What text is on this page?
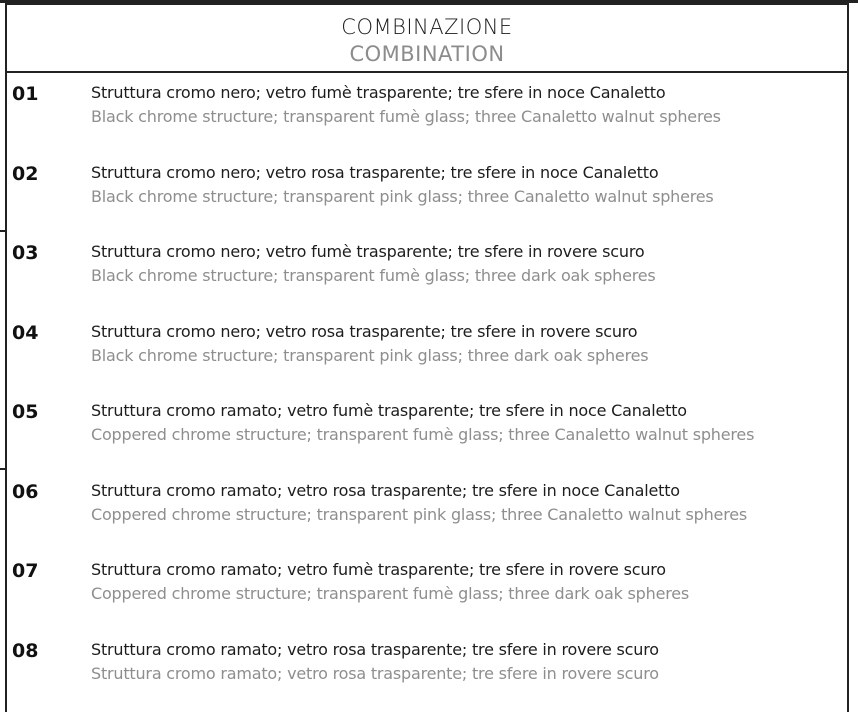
COMBINAZIONE
COMBINATION
01	Struttura cromo nero; vetro fumè trasparente; tre sfere in noce Canaletto
Black chrome structure; transparent fumè glass; three Canaletto walnut spheres
02	Struttura cromo nero; vetro rosa trasparente; tre sfere in noce Canaletto
Black chrome structure; transparent pink glass; three Canaletto walnut spheres
03	Struttura cromo nero; vetro fumè trasparente; tre sfere in rovere scuro
Black chrome structure; transparent fumè glass; three dark oak spheres
04	Struttura cromo nero; vetro rosa trasparente; tre sfere in rovere scuro
Black chrome structure; transparent pink glass; three dark oak spheres
05	Struttura cromo ramato; vetro fumè trasparente; tre sfere in noce Canaletto
Coppered chrome structure; transparent fumè glass; three Canaletto walnut spheres
06	Struttura cromo ramato; vetro rosa trasparente; tre sfere in noce Canaletto
Coppered chrome structure; transparent pink glass; three Canaletto walnut spheres
07	Struttura cromo ramato; vetro fumè trasparente; tre sfere in rovere scuro
Coppered chrome structure; transparent fumè glass; three dark oak spheres
08	Struttura cromo ramato; vetro rosa trasparente; tre sfere in rovere scuro
Struttura cromo ramato; vetro rosa trasparente; tre sfere in rovere scuro
